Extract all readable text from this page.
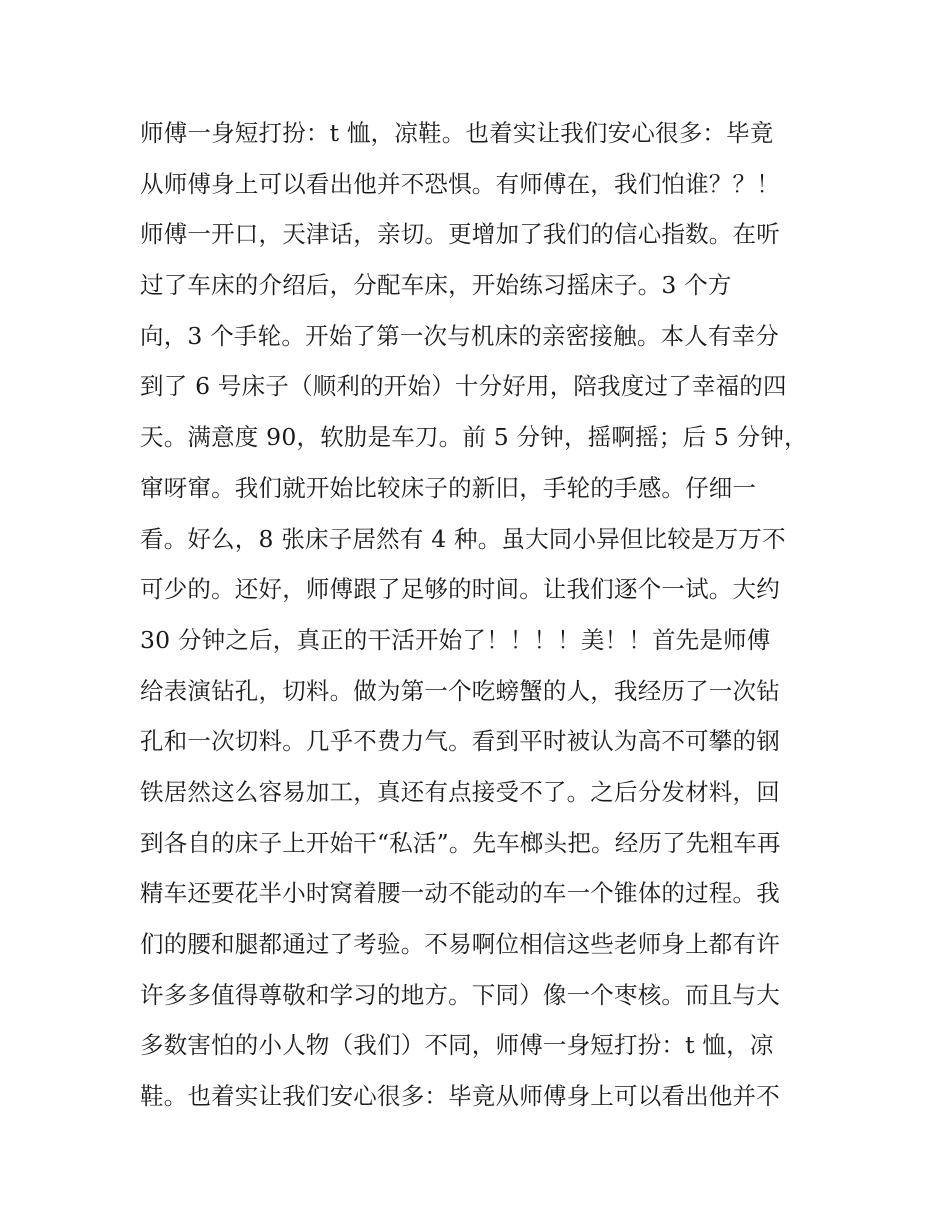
师傅一身短打扮：t 恤，凉鞋。也着实让我们安心很多：毕竟
从师傅身上可以看出他并不恐惧。有师傅在，我们怕谁？？！
师傅一开口，天津话，亲切。更增加了我们的信心指数。在听
过了车床的介绍后，分配车床，开始练习摇床子。3 个方
向，3 个手轮。开始了第一次与机床的亲密接触。本人有幸分
到了 6 号床子（顺利的开始）十分好用，陪我度过了幸福的四
天。满意度 90，软肋是车刀。前 5 分钟，摇啊摇；后 5 分钟，
窜呀窜。我们就开始比较床子的新旧，手轮的手感。仔细一
看。好么，8 张床子居然有 4 种。虽大同小异但比较是万万不
可少的。还好，师傅跟了足够的时间。让我们逐个一试。大约
30 分钟之后，真正的干活开始了！！！！美！！首先是师傅
给表演钻孔，切料。做为第一个吃螃蟹的人，我经历了一次钻
孔和一次切料。几乎不费力气。看到平时被认为高不可攀的钢
铁居然这么容易加工，真还有点接受不了。之后分发材料，回
到各自的床子上开始干“私活”。先车榔头把。经历了先粗车再
精车还要花半小时窝着腰一动不能动的车一个锥体的过程。我
们的腰和腿都通过了考验。不易啊位相信这些老师身上都有许
许多多值得尊敬和学习的地方。下同）像一个枣核。而且与大
多数害怕的小人物（我们）不同，师傅一身短打扮：t 恤，凉
鞋。也着实让我们安心很多：毕竟从师傅身上可以看出他并不
